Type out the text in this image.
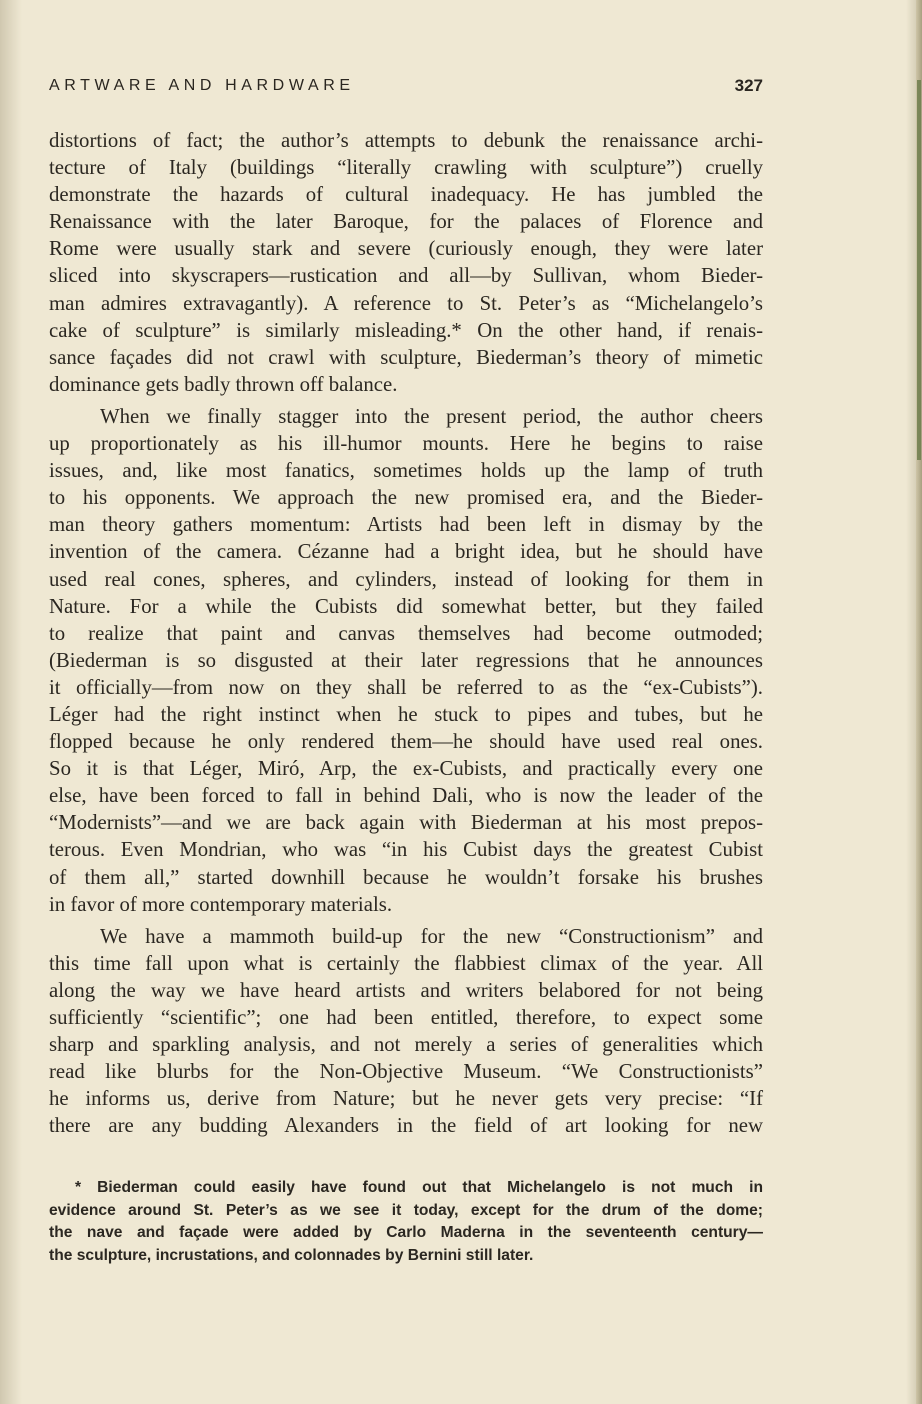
ARTWARE AND HARDWARE	327
distortions of fact; the author’s attempts to debunk the renaissance archi-
tecture of Italy (buildings “literally crawling with sculpture”) cruelly
demonstrate the hazards of cultural inadequacy. He has jumbled the
Renaissance with the later Baroque, for the palaces of Florence and
Rome were usually stark and severe (curiously enough, they were later
sliced into skyscrapers—rustication and all—by Sullivan, whom Bieder-
man admires extravagantly). A reference to St. Peter’s as “Michelangelo’s
cake of sculpture” is similarly misleading.* On the other hand, if renais-
sance façades did not crawl with sculpture, Biederman’s theory of mimetic
dominance gets badly thrown off balance.
When we finally stagger into the present period, the author cheers
up proportionately as his ill-humor mounts. Here he begins to raise
issues, and, like most fanatics, sometimes holds up the lamp of truth
to his opponents. We approach the new promised era, and the Bieder-
man theory gathers momentum: Artists had been left in dismay by the
invention of the camera. Cézanne had a bright idea, but he should have
used real cones, spheres, and cylinders, instead of looking for them in
Nature. For a while the Cubists did somewhat better, but they failed
to realize that paint and canvas themselves had become outmoded;
(Biederman is so disgusted at their later regressions that he announces
it officially—from now on they shall be referred to as the “ex-Cubists”).
Léger had the right instinct when he stuck to pipes and tubes, but he
flopped because he only rendered them—he should have used real ones.
So it is that Léger, Miró, Arp, the ex-Cubists, and practically every one
else, have been forced to fall in behind Dali, who is now the leader of the
“Modernists”—and we are back again with Biederman at his most prepos-
terous. Even Mondrian, who was “in his Cubist days the greatest Cubist
of them all,” started downhill because he wouldn’t forsake his brushes
in favor of more contemporary materials.
We have a mammoth build-up for the new “Constructionism” and
this time fall upon what is certainly the flabbiest climax of the year. All
along the way we have heard artists and writers belabored for not being
sufficiently “scientific”; one had been entitled, therefore, to expect some
sharp and sparkling analysis, and not merely a series of generalities which
read like blurbs for the Non-Objective Museum. “We Constructionists”
he informs us, derive from Nature; but he never gets very precise: “If
there are any budding Alexanders in the field of art looking for new
* Biederman could easily have found out that Michelangelo is not much in
evidence around St. Peter’s as we see it today, except for the drum of the dome;
the nave and façade were added by Carlo Maderna in the seventeenth century—
the sculpture, incrustations, and colonnades by Bernini still later.
